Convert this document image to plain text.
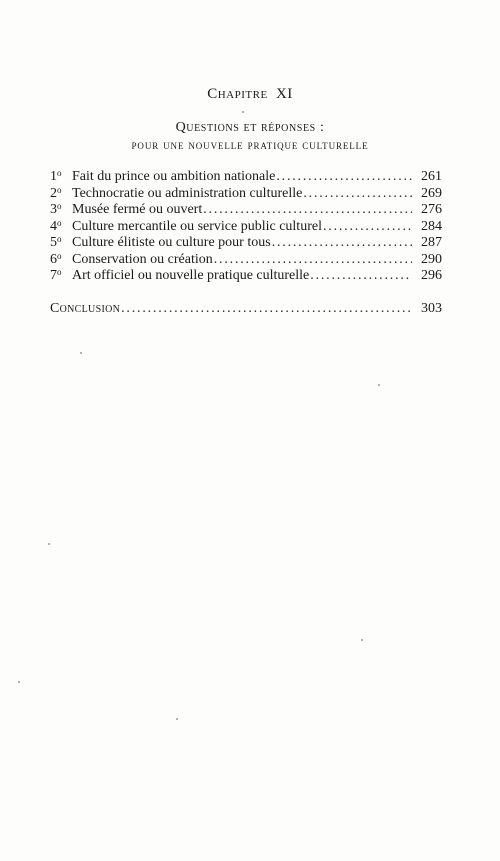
Chapitre XI
Questions et réponses :
pour une nouvelle pratique culturelle
1$^o$ Fait du prince ou ambition nationale .....	261
2$^o$ Technocratie ou administration culturelle .....	269
3$^o$ Musée fermé ou ouvert .....	276
4$^o$ Culture mercantile ou service public culturel .....	284
5$^o$ Culture élitiste ou culture pour tous .....	287
6$^o$ Conservation ou création .....	290
7$^o$ Art officiel ou nouvelle pratique culturelle .....	296
Conclusion .....	303
